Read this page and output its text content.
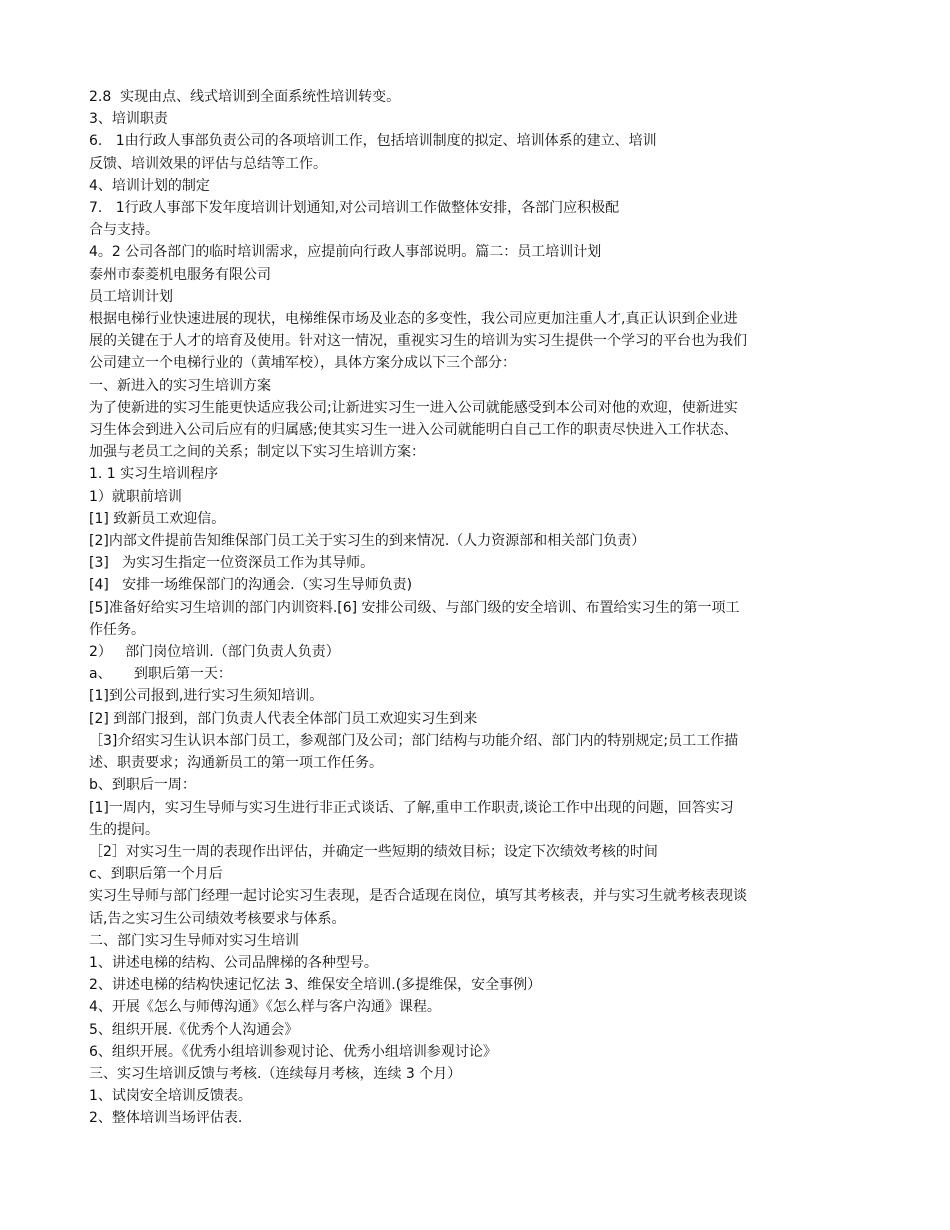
2.8  实现由点、线式培训到全面系统性培训转变。
3、培训职责
6.   1由行政人事部负责公司的各项培训工作，包括培训制度的拟定、培训体系的建立、培训
反馈、培训效果的评估与总结等工作。
4、培训计划的制定
7.   1行政人事部下发年度培训计划通知,对公司培训工作做整体安排，各部门应积极配
合与支持。
4。2 公司各部门的临时培训需求，应提前向行政人事部说明。篇二：员工培训计划
泰州市泰菱机电服务有限公司
员工培训计划
根据电梯行业快速进展的现状，电梯维保市场及业态的多变性，我公司应更加注重人才,真正认识到企业进
展的关键在于人才的培育及使用。针对这一情况，重视实习生的培训为实习生提供一个学习的平台也为我们
公司建立一个电梯行业的（黄埔军校），具体方案分成以下三个部分：
一、新进入的实习生培训方案
为了使新进的实习生能更快适应我公司;让新进实习生一进入公司就能感受到本公司对他的欢迎，使新进实
习生体会到进入公司后应有的归属感;使其实习生一进入公司就能明白自己工作的职责尽快进入工作状态、
加强与老员工之间的关系；制定以下实习生培训方案：
1. 1 实习生培训程序
1）就职前培训
[1] 致新员工欢迎信。
[2]内部文件提前告知维保部门员工关于实习生的到来情况.（人力资源部和相关部门负责）
[3]   为实习生指定一位资深员工作为其导师。
[4]   安排一场维保部门的沟通会.（实习生导师负责)
[5]准备好给实习生培训的部门内训资料.[6] 安排公司级、与部门级的安全培训、布置给实习生的第一项工
作任务。
2）   部门岗位培训.（部门负责人负责）
a、     到职后第一天：
[1]到公司报到,进行实习生须知培训。
[2] 到部门报到，部门负责人代表全体部门员工欢迎实习生到来
［3]介绍实习生认识本部门员工，参观部门及公司；部门结构与功能介绍、部门内的特别规定;员工工作描
述、职责要求；沟通新员工的第一项工作任务。
b、到职后一周：
[1]一周内，实习生导师与实习生进行非正式谈话、了解,重申工作职责,谈论工作中出现的问题，回答实习
生的提问。
［2］对实习生一周的表现作出评估，并确定一些短期的绩效目标；设定下次绩效考核的时间
c、到职后第一个月后
实习生导师与部门经理一起讨论实习生表现，是否合适现在岗位，填写其考核表，并与实习生就考核表现谈
话,告之实习生公司绩效考核要求与体系。
二、部门实习生导师对实习生培训
1、讲述电梯的结构、公司品牌梯的各种型号。
2、讲述电梯的结构快速记忆法 3、维保安全培训.(多提维保，安全事例）
4、开展《怎么与师傅沟通》《怎么样与客户沟通》课程。
5、组织开展.《优秀个人沟通会》
6、组织开展。《优秀小组培训参观讨论、优秀小组培训参观讨论》
三、实习生培训反馈与考核.（连续每月考核，连续 3 个月）
1、试岗安全培训反馈表。
2、整体培训当场评估表.
